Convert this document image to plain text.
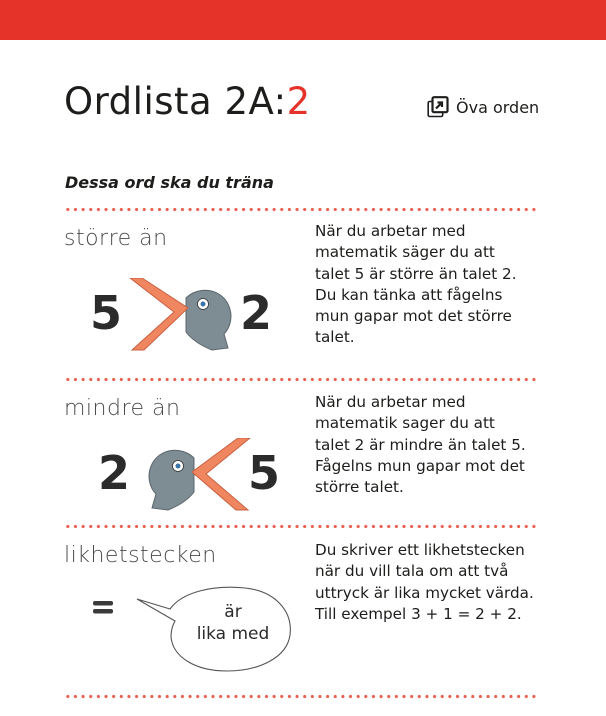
Ordlista 2A:2	Öva orden
Dessa ord ska du träna
större än
5	2
När du arbetar med
matematik säger du att
talet 5 är större än talet 2.
Du kan tänka att fågelns
mun gapar mot det större
talet.
mindre än
2	5
När du arbetar med
matematik sager du att
talet 2 är mindre än talet 5.
Fågelns mun gapar mot det
större talet.
likhetstecken
är
lika med
Du skriver ett likhetstecken
när du vill tala om att två
uttryck är lika mycket värda.
Till exempel 3 + 1 = 2 + 2.
